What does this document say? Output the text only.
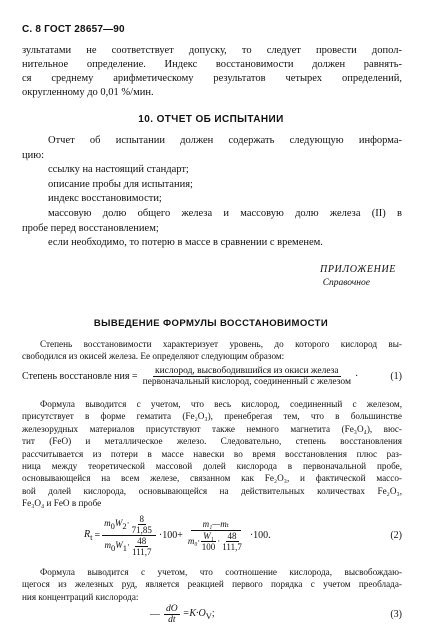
С. 8 ГОСТ 28657—90
зультатами не соответствует допуску, то следует провести допол-
нительное определение. Индекс восстановимости должен равнять-
ся среднему арифметическому результатов четырех определений,
округленному до 0,01 %/мин.
10. ОТЧЕТ ОБ ИСПЫТАНИИ
Отчет об испытании должен содержать следующую информа-
цию:
ссылку на настоящий стандарт;
описание пробы для испытания;
индекс восстановимости;
массовую долю общего железа и массовую долю железа (II) в
пробе перед восстановлением;
если необходимо, то потерю в массе в сравнении с временем.
ПРИЛОЖЕНИЕ
Справочное
ВЫВЕДЕНИЕ ФОРМУЛЫ ВОССТАНОВИМОСТИ
Степень восстановимости характеризует уровень, до которого кислород вы-
свободился из окисей железа. Ее определяют следующим образом:
Степень восстановле ния = $\frac{\text{кислород, высвободившийся из окиси железа}}{\text{первоначальный кислород, соединенный с железом}}$ ·	(1)
Формула выводится с учетом, что весь кислород, соединенный с железом,
присутствует в форме гематита (Fe₂O₃), пренебрегая тем, что в большинстве
железорудных материалов присутствуют также немного магнетита (Fe₃O₄), вюс-
тит (FeO) и металлическое железо. Следовательно, степень восстановления
рассчитывается из потери в массе навески во время восстановления плюс раз-
ница между теоретической массовой долей кислорода в первоначальной пробе,
основывающейся на всем железе, связанном как Fe₂O₃, и фактической массо-
вой долей кислорода, основывающейся на действительных количествах Fe₂O₃,
Fe₃O₄ и FeO в пробе
$R_t = \frac{m_0W_2\cdot \frac{8}{71,85}}{m_0W_1\cdot \frac{48}{111,7}} \cdot 100+ \frac{\text{m₁—mₜ}}{m_0\cdot \frac{\text{W₁}}{100} \cdot \frac{48}{111,7}} \cdot 100$.	(2)
Формула выводится с учетом, что соотношение кислорода, высвобождаю-
щегося из железных руд, является реакцией первого порядка с учетом преоблада-
ния концентраций кислорода:
— $\frac{dO}{dt} =K\cdot O_V$;	(3)
